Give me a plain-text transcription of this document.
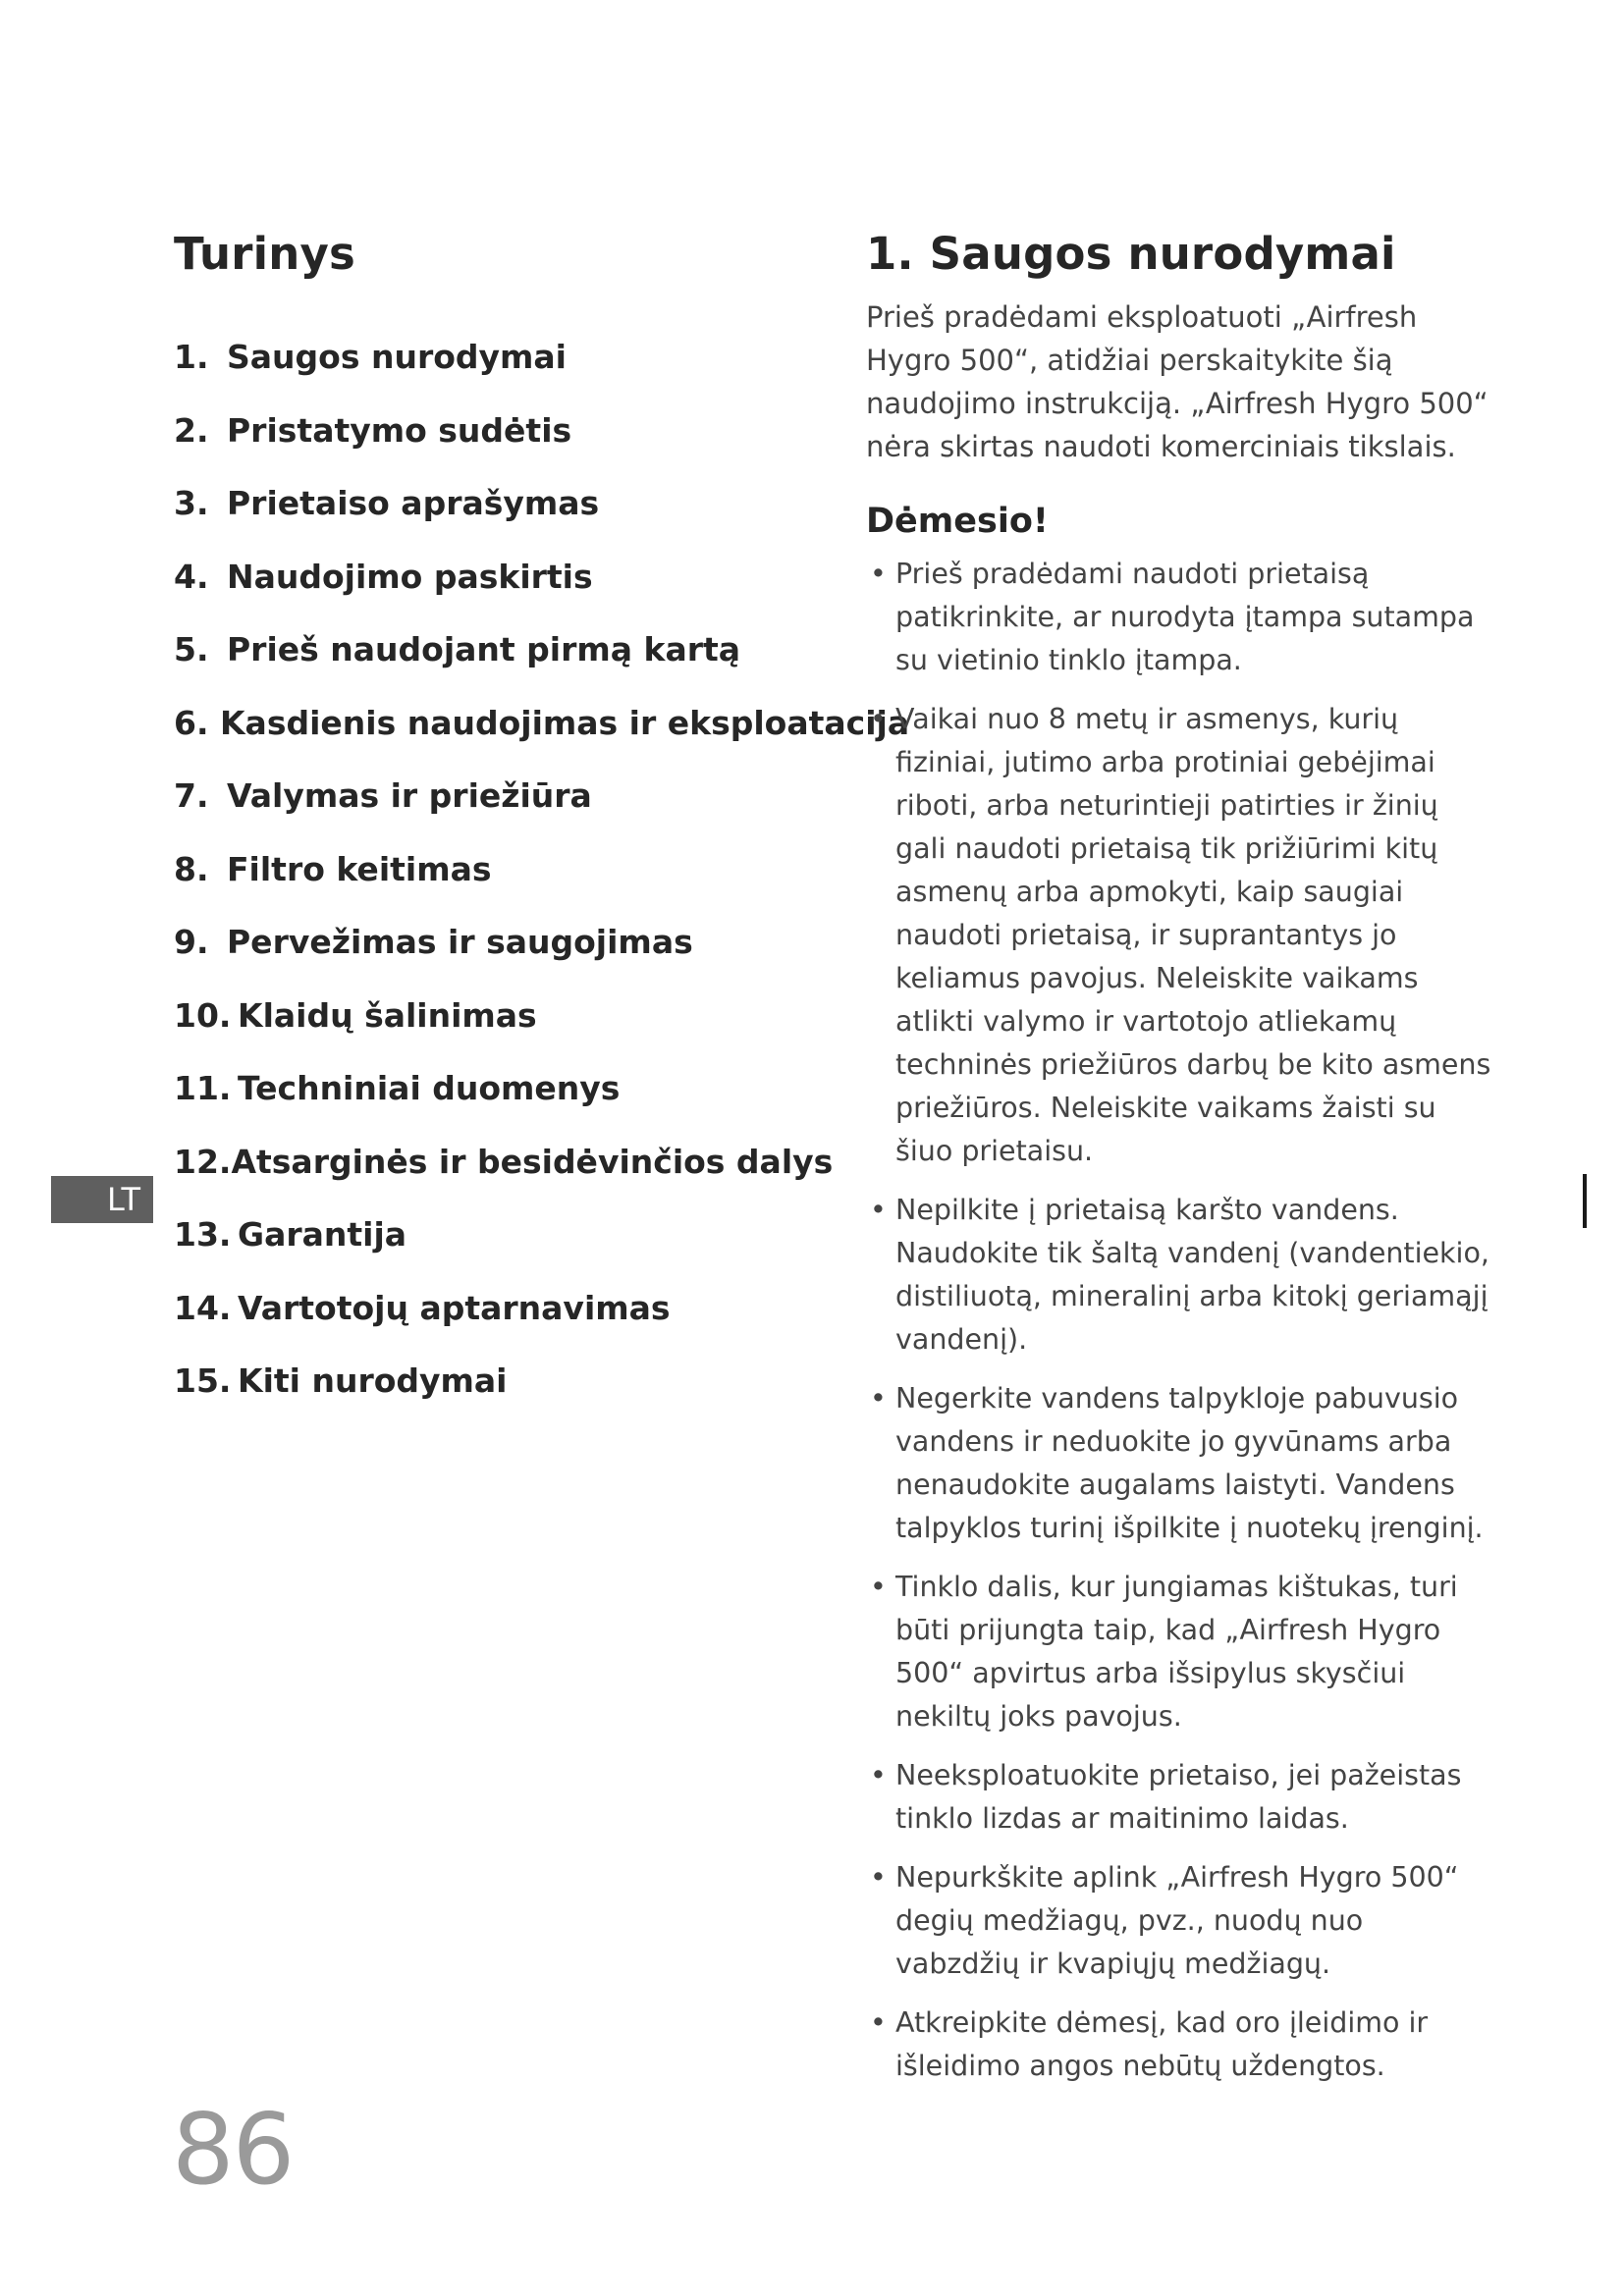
Turinys
1. Saugos nurodymai
2. Pristatymo sudėtis
3. Prietaiso aprašymas
4. Naudojimo paskirtis
5. Prieš naudojant pirmą kartą
6. Kasdienis naudojimas ir eksploatacija
7. Valymas ir priežiūra
8. Filtro keitimas
9. Pervežimas ir saugojimas
10. Klaidų šalinimas
11. Techniniai duomenys
12. Atsarginės ir besidėvinčios dalys
13. Garantija
14. Vartotojų aptarnavimas
15. Kiti nurodymai
LT
1. Saugos nurodymai

Prieš pradėdami eksploatuoti „Airfresh Hygro 500“, atidžiai perskaitykite šią naudojimo instrukciją. „Airfresh Hygro 500“ nėra skirtas naudoti komerciniais tikslais.

Dėmesio!
• Prieš pradėdami naudoti prietaisą patikrinkite, ar nurodyta įtampa sutampa su vietinio tinklo įtampa.
• Vaikai nuo 8 metų ir asmenys, kurių fiziniai, jutimo arba protiniai gebėjimai riboti, arba neturintieji patirties ir žinių gali naudoti prietaisą tik prižiūrimi kitų asmenų arba apmokyti, kaip saugiai naudoti prietaisą, ir suprantantys jo keliamus pavojus. Neleiskite vaikams atlikti valymo ir vartotojo atliekamų techninės priežiūros darbų be kito asmens priežiūros. Neleiskite vaikams žaisti su šiuo prietaisu.
• Nepilkite į prietaisą karšto vandens. Naudokite tik šaltą vandenį (vandentiekio, distiliuotą, mineralinį arba kitokį geriamąjį vandenį).
• Negerkite vandens talpykloje pabuvusio vandens ir neduokite jo gyvūnams arba nenaudokite augalams laistyti. Vandens talpyklos turinį išpilkite į nuotekų įrenginį.
• Tinklo dalis, kur jungiamas kištukas, turi būti prijungta taip, kad „Airfresh Hygro 500“ apvirtus arba išsipylus skysčiui nekiltų joks pavojus.
• Neeksploatuokite prietaiso, jei pažeistas tinklo lizdas ar maitinimo laidas.
• Nepurkškite aplink „Airfresh Hygro 500“ degių medžiagų, pvz., nuodų nuo vabzdžių ir kvapiųjų medžiagų.
• Atkreipkite dėmesį, kad oro įleidimo ir išleidimo angos nebūtų uždengtos.
86
